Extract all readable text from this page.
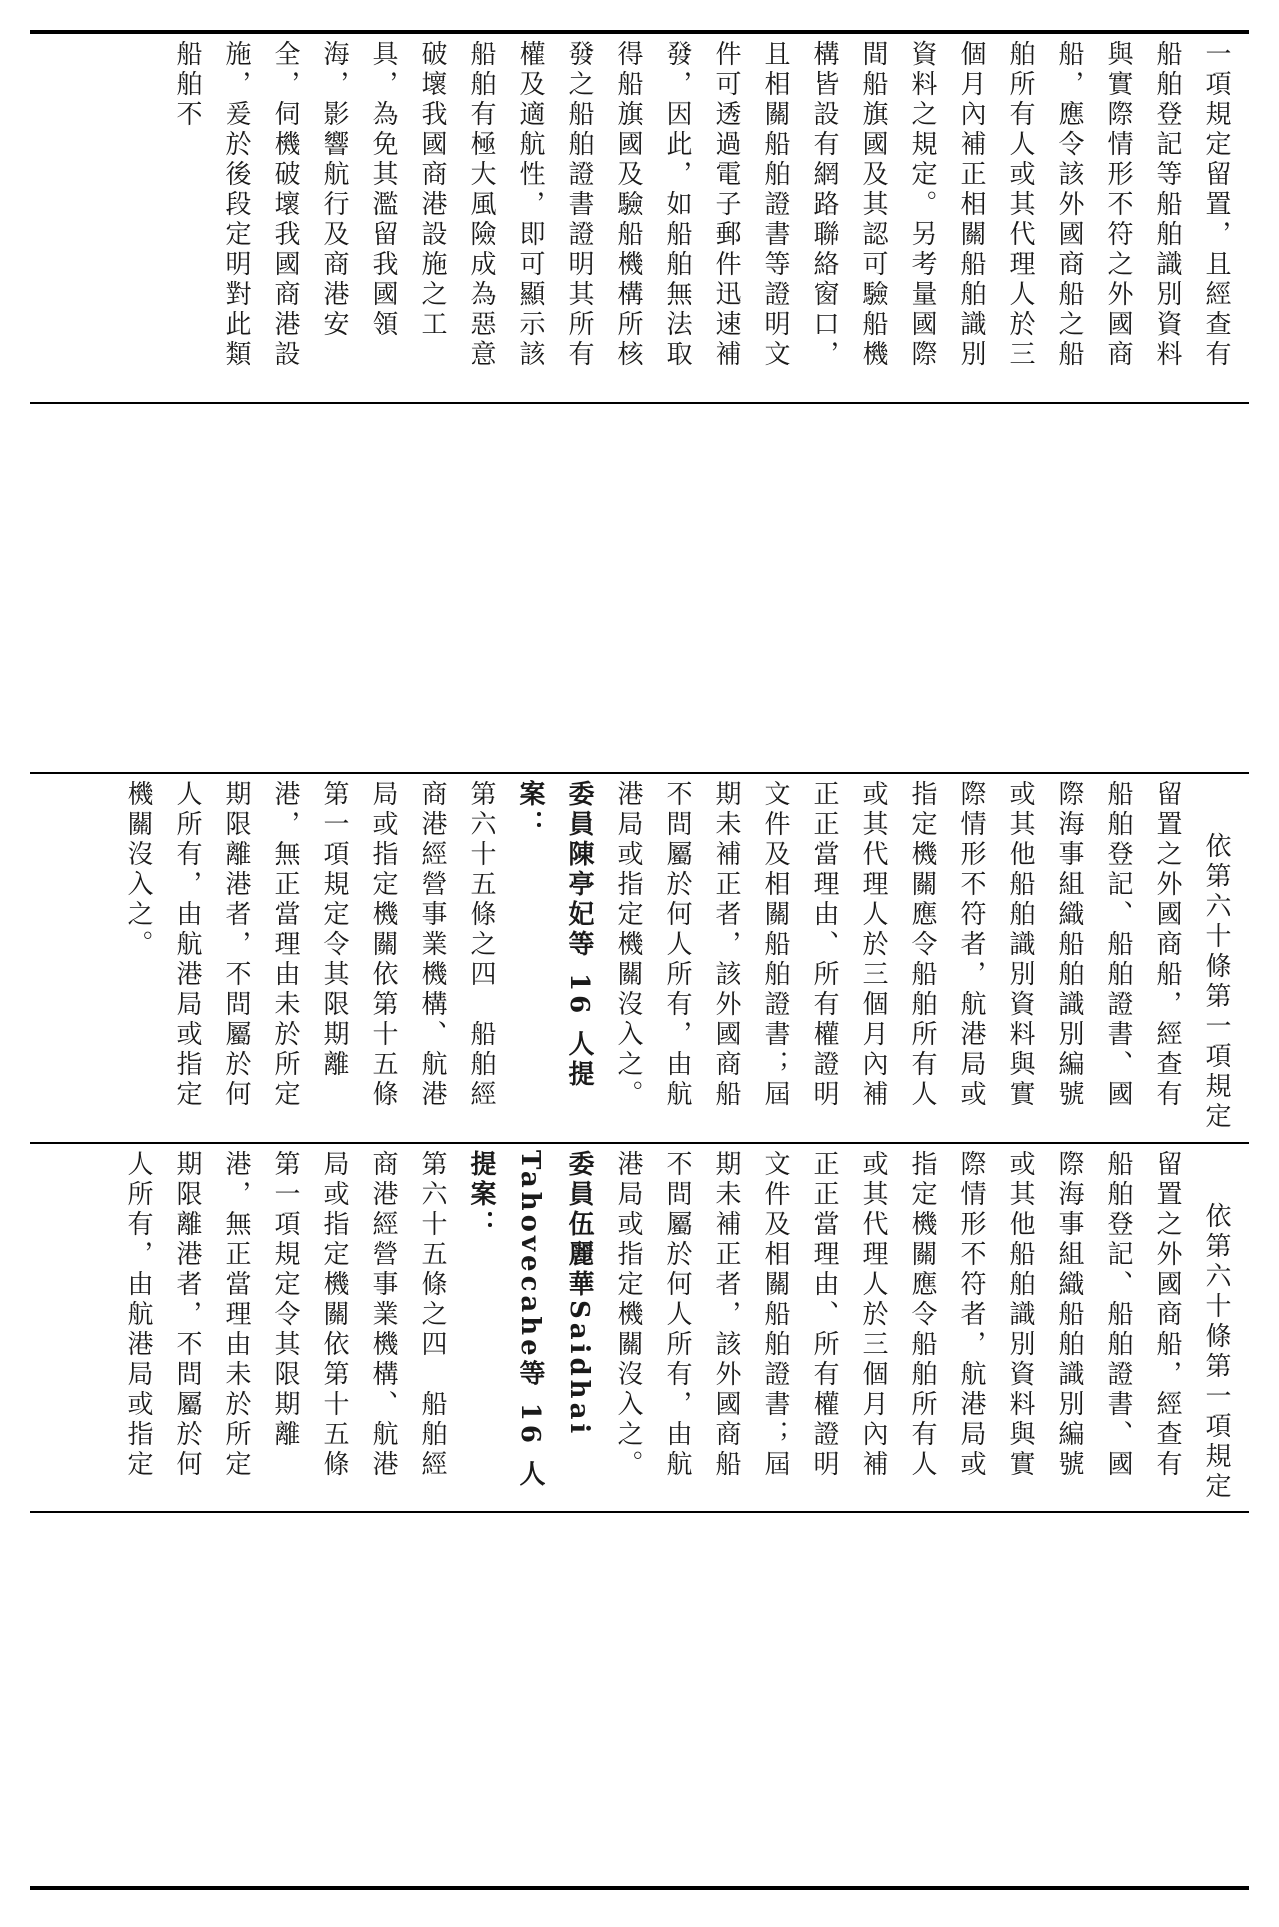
一項規定留置，且經查有船舶登記等船舶識別資料與實際情形不符之外國商船，應令該外國商船之船舶所有人或其代理人於三個月內補正相關船舶識別資料之規定。另考量國際間船旗國及其認可驗船機構皆設有網路聯絡窗口，且相關船舶證書等證明文件可透過電子郵件迅速補發，因此，如船舶無法取得船旗國及驗船機構所核發之船舶證書證明其所有權及適航性，即可顯示該船舶有極大風險成為惡意破壞我國商港設施之工具，為免其濫留我國領海，影響航行及商港安全，伺機破壞我國商港設施，爰於後段定明對此類船舶不

依第六十條第一項規定留置之外國商船，經查有船舶登記、船舶證書、國際海事組織船舶識別編號或其他船舶識別資料與實際情形不符者，航港局或指定機關應令船舶所有人或其代理人於三個月內補正正當理由、所有權證明文件及相關船舶證書；屆期未補正者，該外國商船不問屬於何人所有，由航港局或指定機關沒入之。

委員陳亭妃等 16 人提案：

第六十五條之四　船舶經商港經營事業機構、航港局或指定機關依第十五條第一項規定令其限期離港，無正當理由未於所定期限離港者，不問屬於何人所有，由航港局或指定機關沒入之。

依第六十條第一項規定留置之外國商船，經查有船舶登記、船舶證書、國際海事組織船舶識別編號或其他船舶識別資料與實際情形不符者，航港局或指定機關應令船舶所有人或其代理人於三個月內補正正當理由、所有權證明文件及相關船舶證書；屆期未補正者，該外國商船不問屬於何人所有，由航港局或指定機關沒入之。

委員伍麗華Saidhai Tahovecahe等 16 人提案：

第六十五條之四　船舶經商港經營事業機構、航港局或指定機關依第十五條第一項規定令其限期離港，無正當理由未於所定期限離港者，不問屬於何人所有，由航港局或指定
